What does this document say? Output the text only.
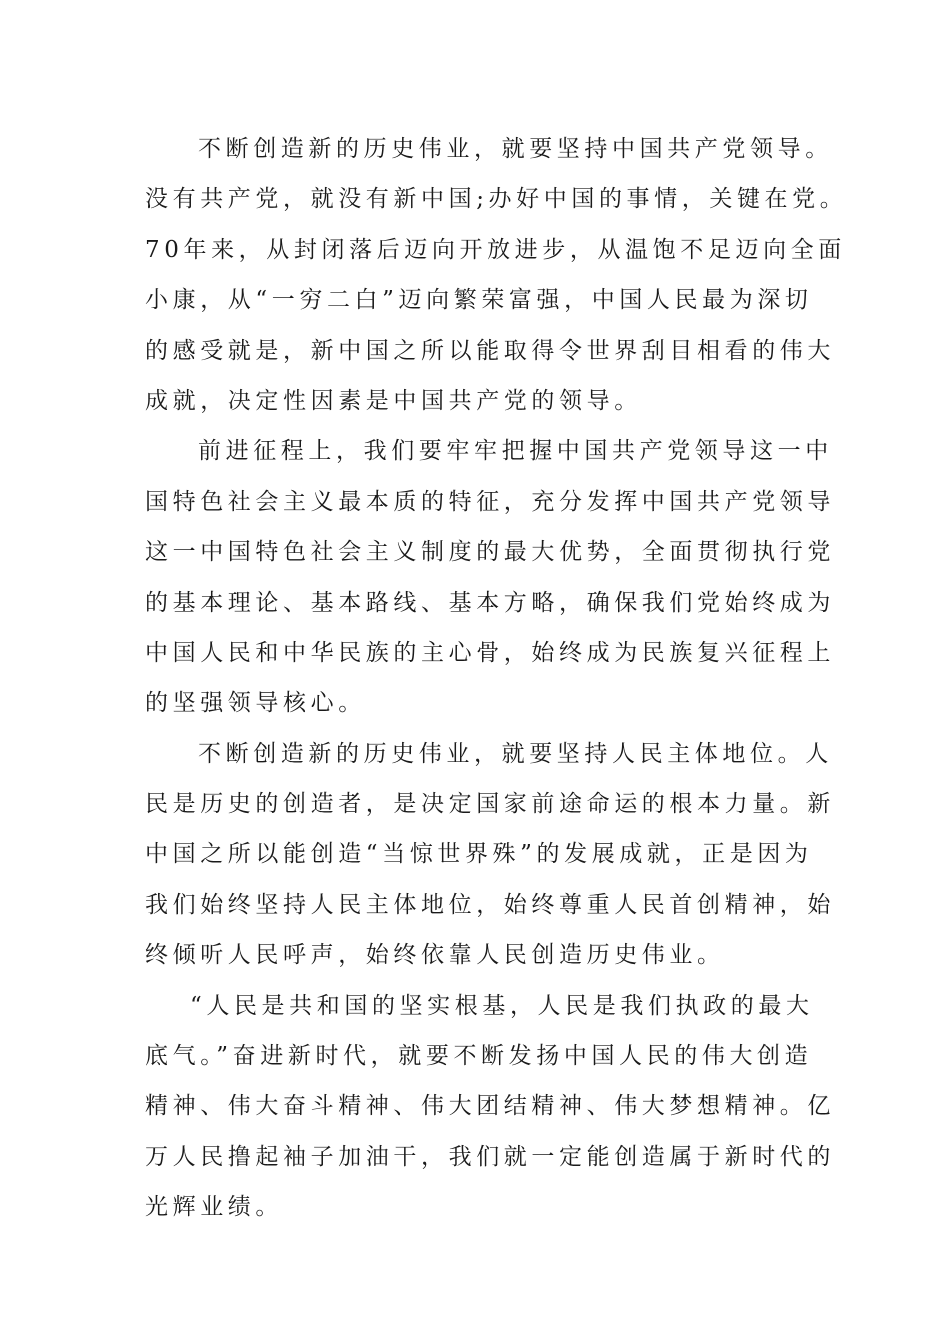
不断创造新的历史伟业，就要坚持中国共产党领导。
没有共产党，就没有新中国;办好中国的事情，关键在党。
70年来，从封闭落后迈向开放进步，从温饱不足迈向全面
小康，从“一穷二白”迈向繁荣富强，中国人民最为深切
的感受就是，新中国之所以能取得令世界刮目相看的伟大
成就，决定性因素是中国共产党的领导。
前进征程上，我们要牢牢把握中国共产党领导这一中
国特色社会主义最本质的特征，充分发挥中国共产党领导
这一中国特色社会主义制度的最大优势，全面贯彻执行党
的基本理论、基本路线、基本方略，确保我们党始终成为
中国人民和中华民族的主心骨，始终成为民族复兴征程上
的坚强领导核心。
不断创造新的历史伟业，就要坚持人民主体地位。人
民是历史的创造者，是决定国家前途命运的根本力量。新
中国之所以能创造“当惊世界殊”的发展成就，正是因为
我们始终坚持人民主体地位，始终尊重人民首创精神，始
终倾听人民呼声，始终依靠人民创造历史伟业。
“人民是共和国的坚实根基，人民是我们执政的最大
底气。”奋进新时代，就要不断发扬中国人民的伟大创造
精神、伟大奋斗精神、伟大团结精神、伟大梦想精神。亿
万人民撸起袖子加油干，我们就一定能创造属于新时代的
光辉业绩。
